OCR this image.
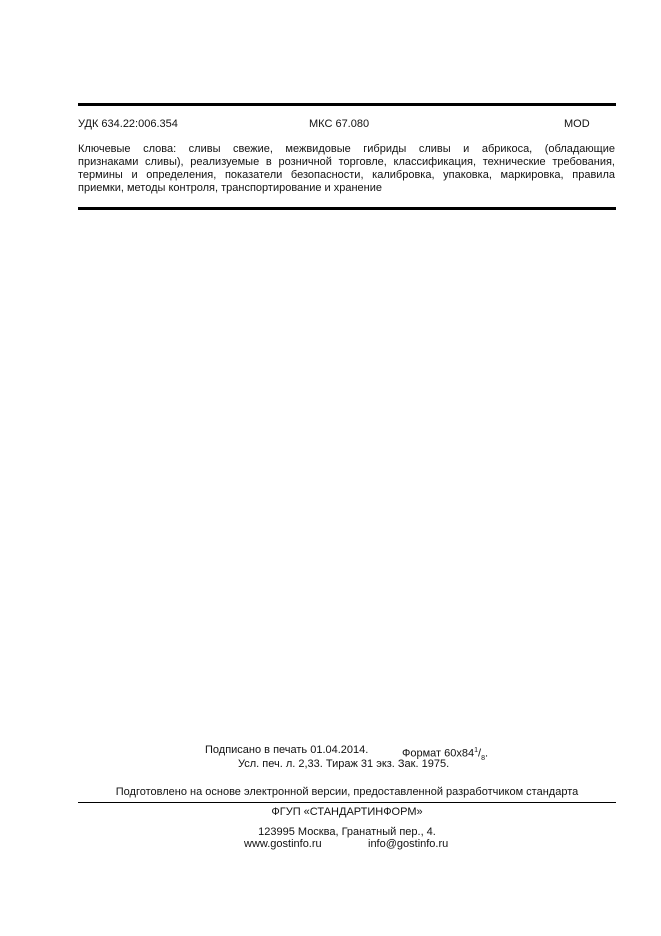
УДК 634.22:006.354	МКС 67.080	MOD
Ключевые слова: сливы свежие, межвидовые гибриды сливы и абрикоса, (обладающие
признаками сливы), реализуемые в розничной торговле, классификация, технические требования,
термины и определения, показатели безопасности, калибровка, упаковка, маркировка, правила
приемки, методы контроля, транспортирование и хранение
Подписано в печать 01.04.2014.	Формат $60x84^1/_8$.
Усл. печ. л. 2,33. Тираж 31 экз. Зак. 1975.
Подготовлено на основе электронной версии, предоставленной разработчиком стандарта
ФГУП «СТАНДАРТИНФОРМ»
123995 Москва, Гранатный пер., 4.
www.gostinfo.ru	info@gostinfo.ru
